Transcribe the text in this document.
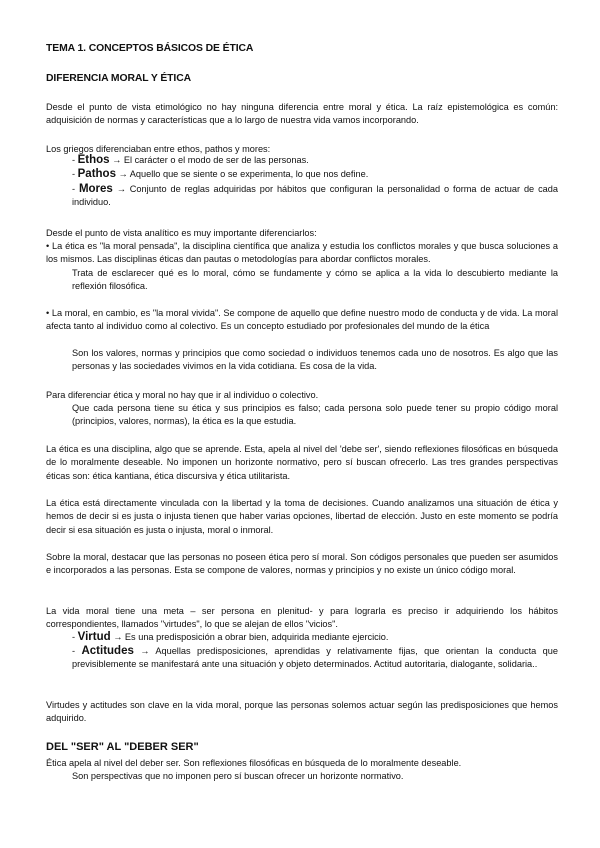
TEMA 1. CONCEPTOS BÁSICOS DE ÉTICA

DIFERENCIA MORAL Y ÉTICA

Desde el punto de vista etimológico no hay ninguna diferencia entre moral y ética. La raíz epistemológica es común: adquisición de normas y características que a lo largo de nuestra vida vamos incorporando.

Los griegos diferenciaban entre ethos, pathos y mores:

- Ethos → El carácter o el modo de ser de las personas.

- Pathos → Aquello que se siente o se experimenta, lo que nos define.

- Mores → Conjunto de reglas adquiridas por hábitos que configuran la personalidad o forma de actuar de cada individuo.

Desde el punto de vista analítico es muy importante diferenciarlos:

• La ética es "la moral pensada", la disciplina científica que analiza y estudia los conflictos morales y que busca soluciones a los mismos. Las disciplinas éticas dan pautas o metodologías para abordar conflictos morales.

Trata de esclarecer qué es lo moral, cómo se fundamente y cómo se aplica a la vida lo descubierto mediante la reflexión filosófica.

• La moral, en cambio, es "la moral vivida". Se compone de aquello que define nuestro modo de conducta y de vida. La moral afecta tanto al individuo como al colectivo. Es un concepto estudiado por profesionales del mundo de la ética

Son los valores, normas y principios que como sociedad o individuos tenemos cada uno de nosotros. Es algo que las personas y las sociedades vivimos en la vida cotidiana. Es cosa de la vida.

Para diferenciar ética y moral no hay que ir al individuo o colectivo.

Que cada persona tiene su ética y sus principios es falso; cada persona solo puede tener su propio código moral (principios, valores, normas), la ética es la que estudia.

La ética es una disciplina, algo que se aprende. Esta, apela al nivel del 'debe ser', siendo reflexiones filosóficas en búsqueda de lo moralmente deseable. No imponen un horizonte normativo, pero sí buscan ofrecerlo. Las tres grandes perspectivas éticas son: ética kantiana, ética discursiva y ética utilitarista.

La ética está directamente vinculada con la libertad y la toma de decisiones. Cuando analizamos una situación de ética y hemos de decir si es justa o injusta tienen que haber varias opciones, libertad de elección. Justo en este momento se podría decir si esa situación es justa o injusta, moral o inmoral.

Sobre la moral, destacar que las personas no poseen ética pero sí moral. Son códigos personales que pueden ser asumidos e incorporados a las personas. Esta se compone de valores, normas y principios y no existe un único código moral.

La vida moral tiene una meta – ser persona en plenitud- y para lograrla es preciso ir adquiriendo los hábitos correspondientes, llamados "virtudes", lo que se alejan de ellos "vicios".

- Virtud → Es una predisposición a obrar bien, adquirida mediante ejercicio.

- Actitudes → Aquellas predisposiciones, aprendidas y relativamente fijas, que orientan la conducta que previsiblemente se manifestará ante una situación y objeto determinados. Actitud autoritaria, dialogante, solidaria..

Virtudes y actitudes son clave en la vida moral, porque las personas solemos actuar según las predisposiciones que hemos adquirido.

DEL "SER" AL "DEBER SER"

Ética apela al nivel del deber ser. Son reflexiones filosóficas en búsqueda de lo moralmente deseable.

Son perspectivas que no imponen pero sí buscan ofrecer un horizonte normativo.
